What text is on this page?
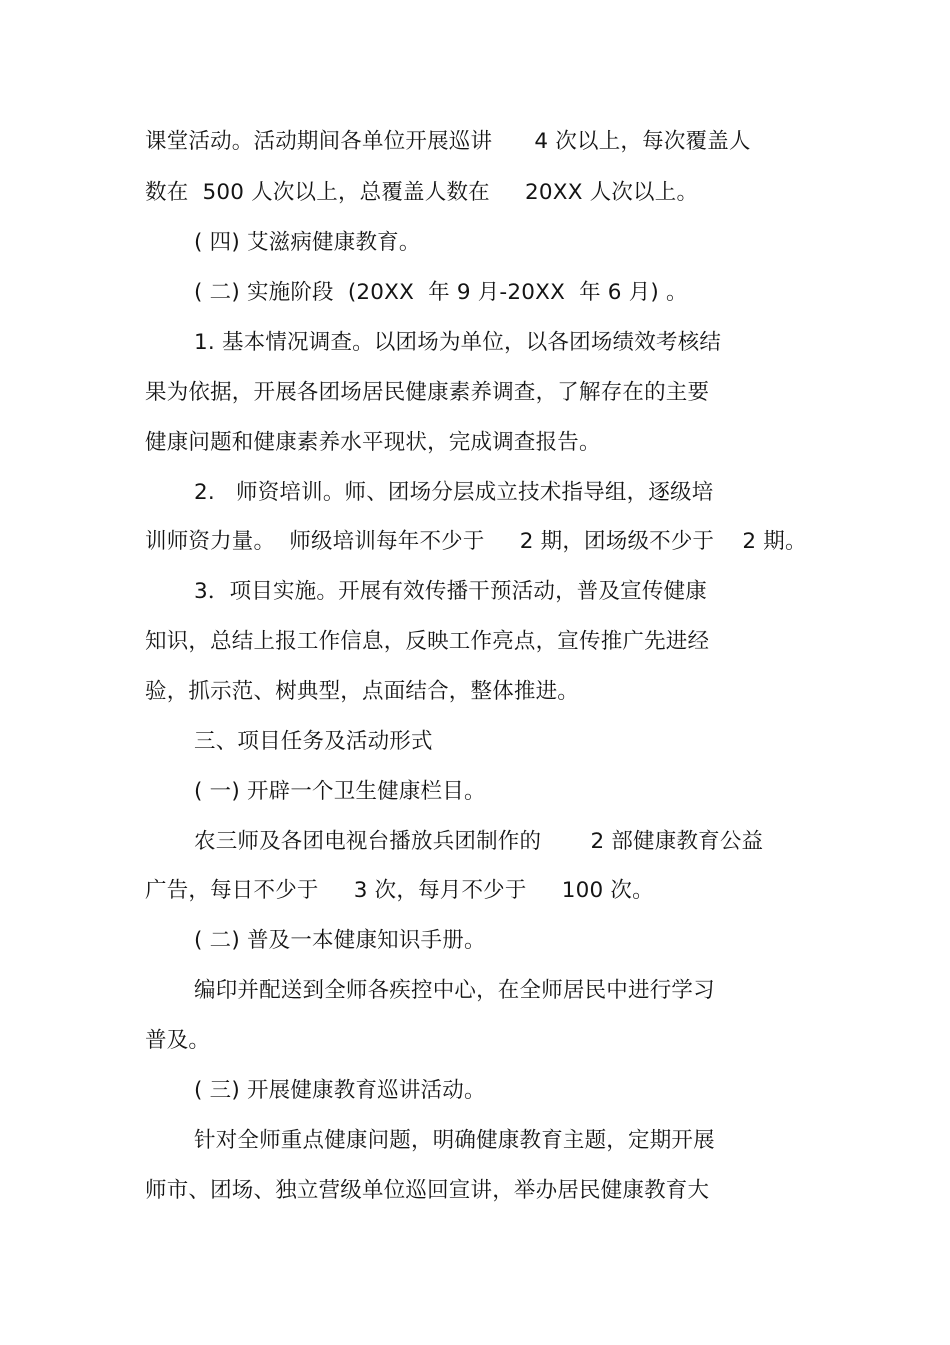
课堂活动。活动期间各单位开展巡讲      4 次以上，每次覆盖人
数在  500 人次以上，总覆盖人数在     20XX 人次以上。
( 四) 艾滋病健康教育。
( 二) 实施阶段  (20XX  年 9 月-20XX  年 6 月) 。
1. 基本情况调查。以团场为单位，以各团场绩效考核结
果为依据，开展各团场居民健康素养调查，了解存在的主要
健康问题和健康素养水平现状，完成调查报告。
2.   师资培训。师、团场分层成立技术指导组，逐级培
训师资力量。  师级培训每年不少于     2 期，团场级不少于    2 期。
3．项目实施。开展有效传播干预活动，普及宣传健康
知识，总结上报工作信息，反映工作亮点，宣传推广先进经
验，抓示范、树典型，点面结合，整体推进。
三、项目任务及活动形式
( 一) 开辟一个卫生健康栏目。
农三师及各团电视台播放兵团制作的       2 部健康教育公益
广告，每日不少于     3 次，每月不少于     100 次。
( 二) 普及一本健康知识手册。
编印并配送到全师各疾控中心，在全师居民中进行学习
普及。
( 三) 开展健康教育巡讲活动。
针对全师重点健康问题，明确健康教育主题，定期开展
师市、团场、独立营级单位巡回宣讲，举办居民健康教育大
